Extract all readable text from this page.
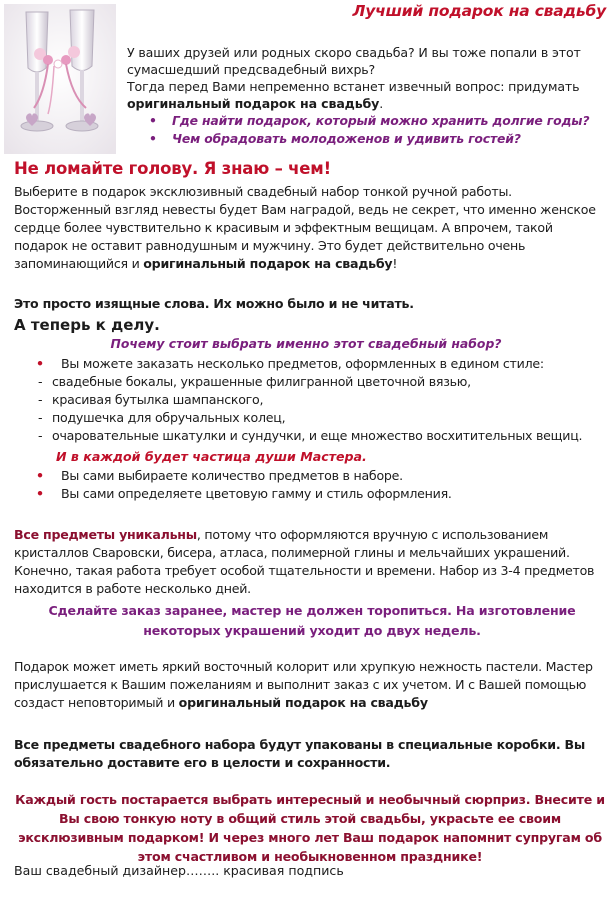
Лучший подарок на свадьбу

У ваших друзей или родных скоро свадьба? И вы тоже попали в этот сумасшедший предсвадебный вихрь?

Тогда перед Вами непременно встанет извечный вопрос: придумать оригинальный подарок на свадьбу.

• Где найти подарок, который можно хранить долгие годы?
• Чем обрадовать молодоженов и удивить гостей?
Не ломайте голову. Я знаю – чем!

Выберите в подарок эксклюзивный свадебный набор тонкой ручной работы. Восторженный взгляд невесты будет Вам наградой, ведь не секрет, что именно женское сердце более чувствительно к красивым и эффектным вещицам. А впрочем, такой подарок не оставит равнодушным и мужчину. Это будет действительно очень запоминающийся и оригинальный подарок на свадьбу!

Это просто изящные слова. Их можно было и не читать.
А теперь к делу.
Почему стоит выбрать именно этот свадебный набор?
• Вы можете заказать несколько предметов, оформленных в едином стиле:
- свадебные бокалы, украшенные филигранной цветочной вязью,
- красивая бутылка шампанского,
- подушечка для обручальных колец,
- очаровательные шкатулки и сундучки, и еще множество восхитительных вещиц.
И в каждой будет частица души Мастера.
• Вы сами выбираете количество предметов в наборе.
• Вы сами определяете цветовую гамму и стиль оформления.

Все предметы уникальны, потому что оформляются вручную с использованием кристаллов Сваровски, бисера, атласа, полимерной глины и мельчайших украшений. Конечно, такая работа требует особой тщательности и времени. Набор из 3-4 предметов находится в работе несколько дней.

Сделайте заказ заранее, мастер не должен торопиться. На изготовление некоторых украшений уходит до двух недель.

Подарок может иметь яркий восточный колорит или хрупкую нежность пастели. Мастер прислушается к Вашим пожеланиям и выполнит заказ с их учетом. И с Вашей помощью создаст неповторимый и оригинальный подарок на свадьбу

Все предметы свадебного набора будут упакованы в специальные коробки. Вы обязательно доставите его в целости и сохранности.
Каждый гость постарается выбрать интересный и необычный сюрприз. Внесите и Вы свою тонкую ноту в общий стиль этой свадьбы, украсьте ее своим эксклюзивным подарком! И через много лет Ваш подарок напомнит супругам об этом счастливом и необыкновенном празднике!
Ваш свадебный дизайнер…….. красивая подпись
